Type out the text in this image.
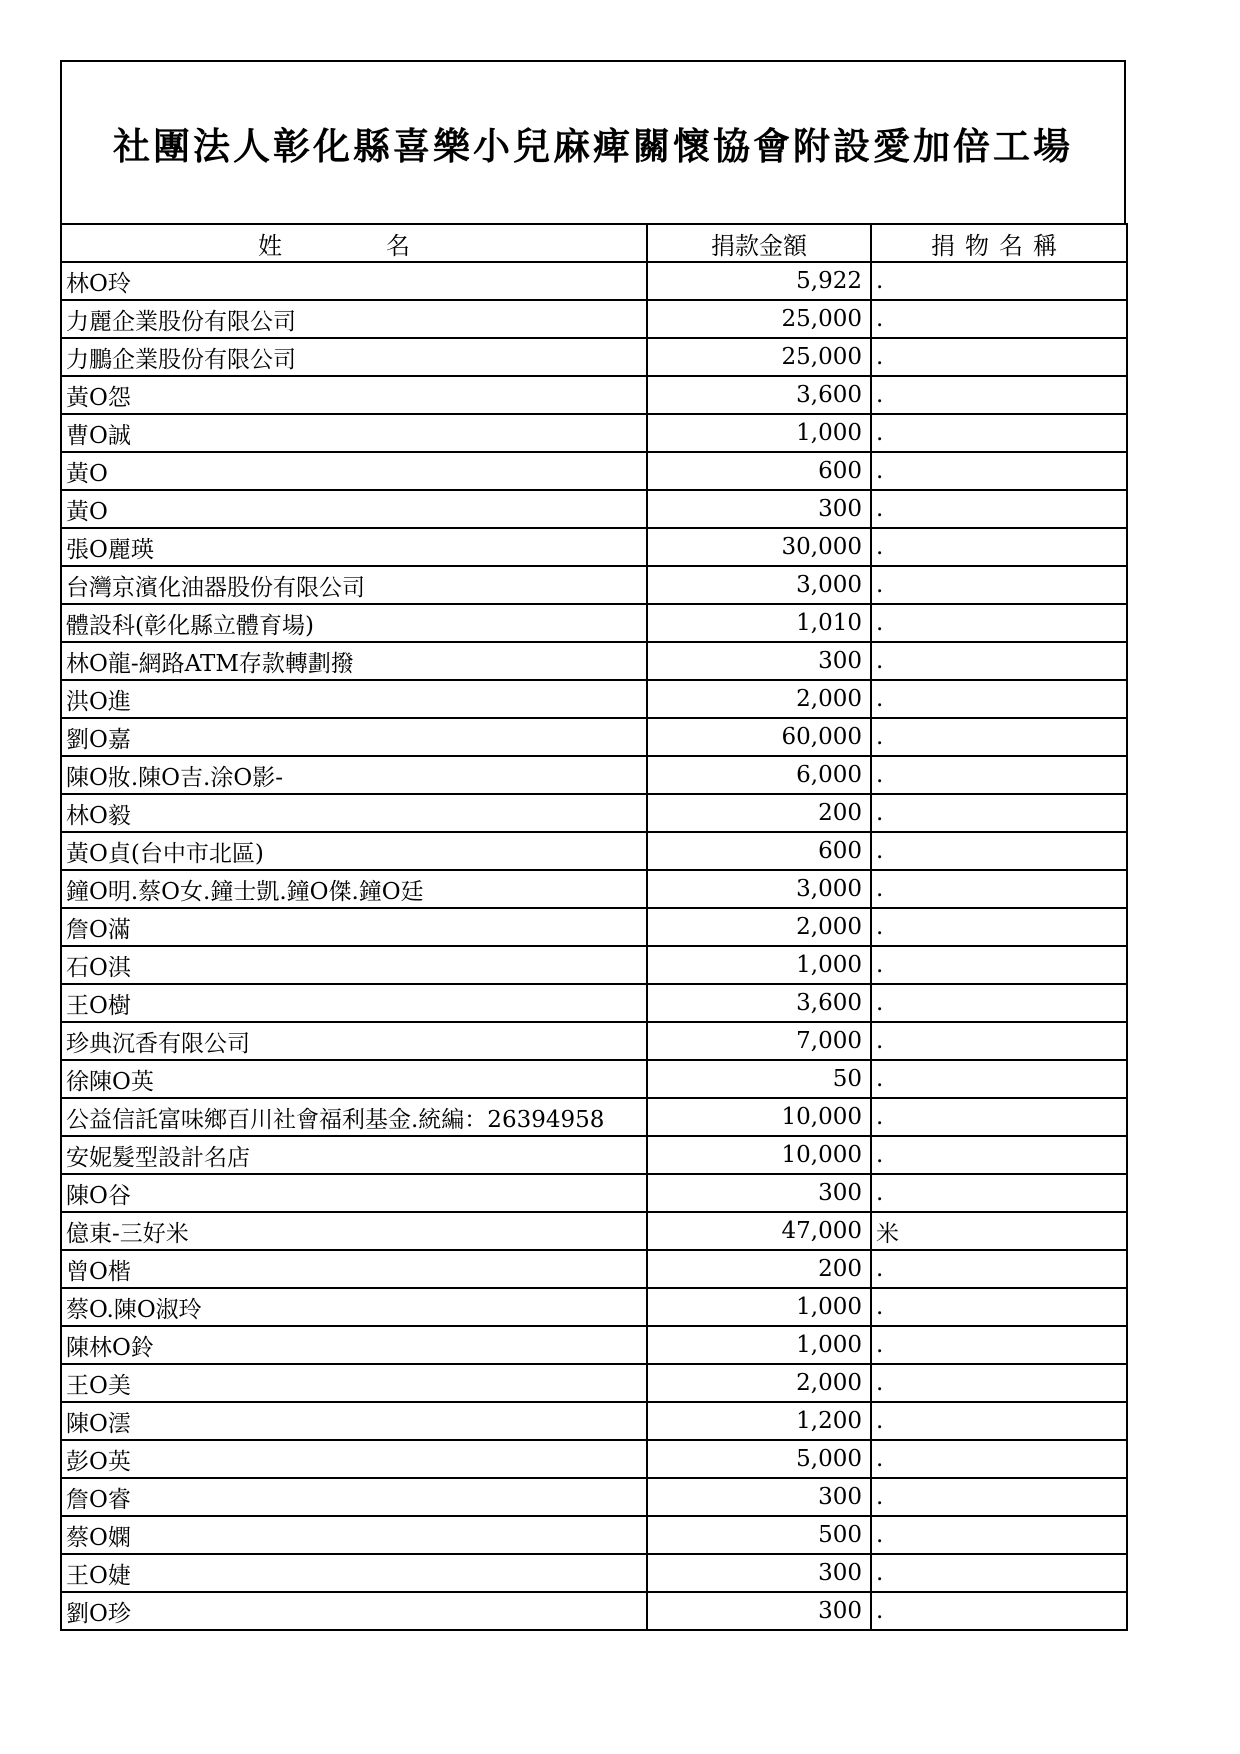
社團法人彰化縣喜樂小兒麻痺關懷協會附設愛加倍工場
姓　名	捐款金額	捐物名稱
林O玲	5,922	.
力麗企業股份有限公司	25,000	.
力鵬企業股份有限公司	25,000	.
黃O怨	3,600	.
曹O誠	1,000	.
黃O	600	.
黃O	300	.
張O麗瑛	30,000	.
台灣京濱化油器股份有限公司	3,000	.
體設科(彰化縣立體育場)	1,010	.
林O龍-網路ATM存款轉劃撥	300	.
洪O進	2,000	.
劉O嘉	60,000	.
陳O妝.陳O吉.涂O影-	6,000	.
林O毅	200	.
黃O貞(台中市北區)	600	.
鐘O明.蔡O女.鐘士凱.鐘O傑.鐘O廷	3,000	.
詹O滿	2,000	.
石O淇	1,000	.
王O樹	3,600	.
珍典沉香有限公司	7,000	.
徐陳O英	50	.
公益信託富味鄉百川社會福利基金.統編：26394958	10,000	.
安妮髮型設計名店	10,000	.
陳O谷	300	.
億東-三好米	47,000	米
曾O楷	200	.
蔡O.陳O淑玲	1,000	.
陳林O鈴	1,000	.
王O美	2,000	.
陳O澐	1,200	.
彭O英	5,000	.
詹O睿	300	.
蔡O嫻	500	.
王O婕	300	.
劉O珍	300	.
